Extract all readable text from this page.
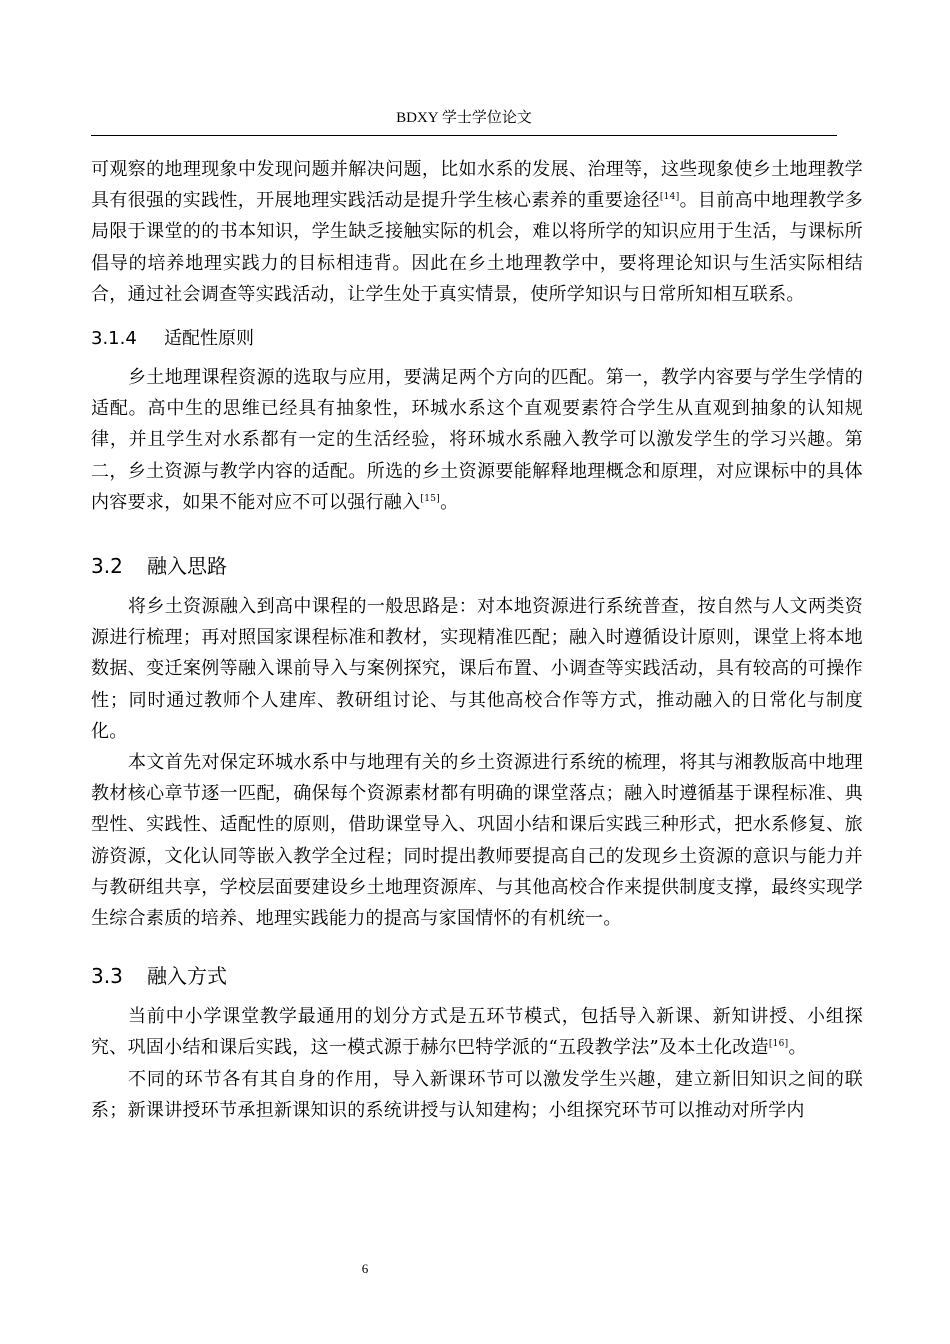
BDXY 学士学位论文

可观察的地理现象中发现问题并解决问题，比如水系的发展、治理等，这些现象使乡土地理教学具有很强的实践性，开展地理实践活动是提升学生核心素养的重要途径[14]。目前高中地理教学多局限于课堂的的书本知识，学生缺乏接触实际的机会，难以将所学的知识应用于生活，与课标所倡导的培养地理实践力的目标相违背。因此在乡土地理教学中，要将理论知识与生活实际相结合，通过社会调查等实践活动，让学生处于真实情景，使所学知识与日常所知相互联系。

3.1.4 适配性原则

乡土地理课程资源的选取与应用，要满足两个方向的匹配。第一，教学内容要与学生学情的适配。高中生的思维已经具有抽象性，环城水系这个直观要素符合学生从直观到抽象的认知规律，并且学生对水系都有一定的生活经验，将环城水系融入教学可以激发学生的学习兴趣。第二，乡土资源与教学内容的适配。所选的乡土资源要能解释地理概念和原理，对应课标中的具体内容要求，如果不能对应不可以强行融入[15]。

3.2 融入思路

将乡土资源融入到高中课程的一般思路是：对本地资源进行系统普查，按自然与人文两类资源进行梳理；再对照国家课程标准和教材，实现精准匹配；融入时遵循设计原则，课堂上将本地数据、变迁案例等融入课前导入与案例探究，课后布置、小调查等实践活动，具有较高的可操作性；同时通过教师个人建库、教研组讨论、与其他高校合作等方式，推动融入的日常化与制度化。

本文首先对保定环城水系中与地理有关的乡土资源进行系统的梳理，将其与湘教版高中地理教材核心章节逐一匹配，确保每个资源素材都有明确的课堂落点；融入时遵循基于课程标准、典型性、实践性、适配性的原则，借助课堂导入、巩固小结和课后实践三种形式，把水系修复、旅游资源，文化认同等嵌入教学全过程；同时提出教师要提高自己的发现乡土资源的意识与能力并与教研组共享，学校层面要建设乡土地理资源库、与其他高校合作来提供制度支撑，最终实现学生综合素质的培养、地理实践能力的提高与家国情怀的有机统一。

3.3 融入方式

当前中小学课堂教学最通用的划分方式是五环节模式，包括导入新课、新知讲授、小组探究、巩固小结和课后实践，这一模式源于赫尔巴特学派的“五段教学法”及本土化改造[16]。

不同的环节各有其自身的作用，导入新课环节可以激发学生兴趣，建立新旧知识之间的联系；新课讲授环节承担新课知识的系统讲授与认知建构；小组探究环节可以推动对所学内

6
